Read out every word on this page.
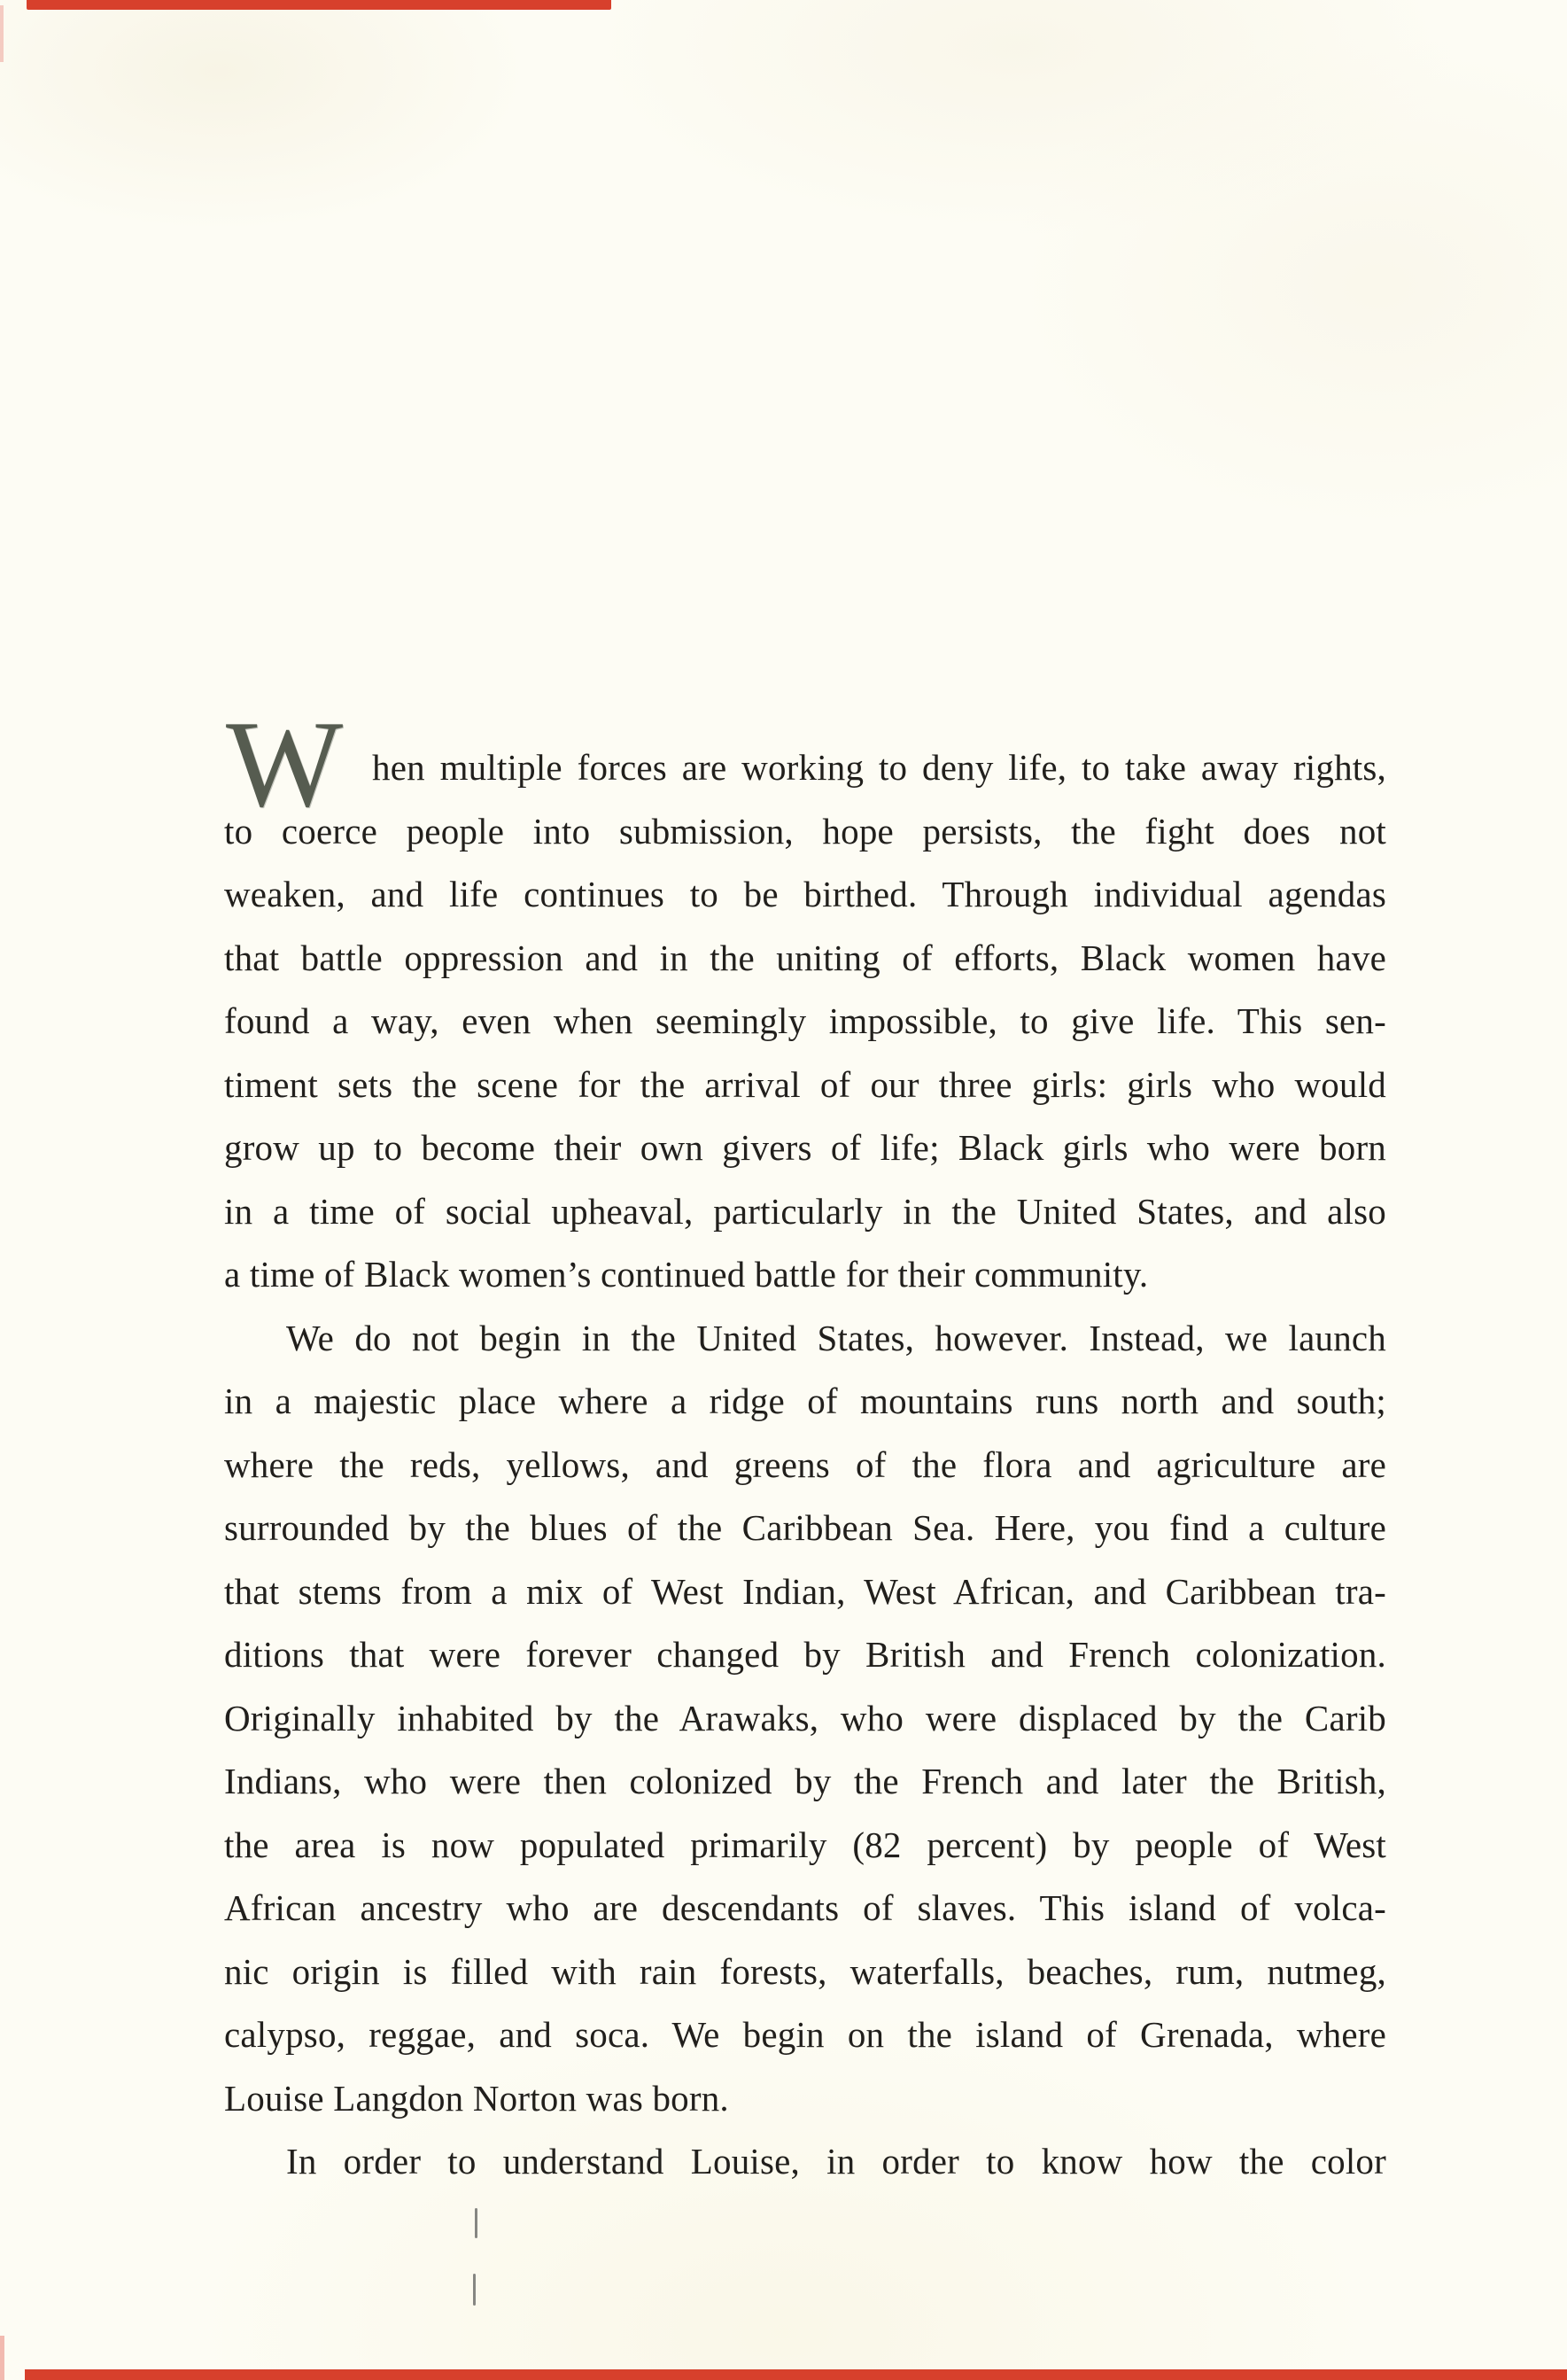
W hen multiple forces are working to deny life, to take away rights,
to coerce people into submission, hope persists, the fight does not
weaken, and life continues to be birthed. Through individual agendas
that battle oppression and in the uniting of efforts, Black women have
found a way, even when seemingly impossible, to give life. This sen-
timent sets the scene for the arrival of our three girls: girls who would
grow up to become their own givers of life; Black girls who were born
in a time of social upheaval, particularly in the United States, and also
a time of Black women’s continued battle for their community.
We do not begin in the United States, however. Instead, we launch
in a majestic place where a ridge of mountains runs north and south;
where the reds, yellows, and greens of the flora and agriculture are
surrounded by the blues of the Caribbean Sea. Here, you find a culture
that stems from a mix of West Indian, West African, and Caribbean tra-
ditions that were forever changed by British and French colonization.
Originally inhabited by the Arawaks, who were displaced by the Carib
Indians, who were then colonized by the French and later the British,
the area is now populated primarily (82 percent) by people of West
African ancestry who are descendants of slaves. This island of volca-
nic origin is filled with rain forests, waterfalls, beaches, rum, nutmeg,
calypso, reggae, and soca. We begin on the island of Grenada, where
Louise Langdon Norton was born.
In order to understand Louise, in order to know how the color
